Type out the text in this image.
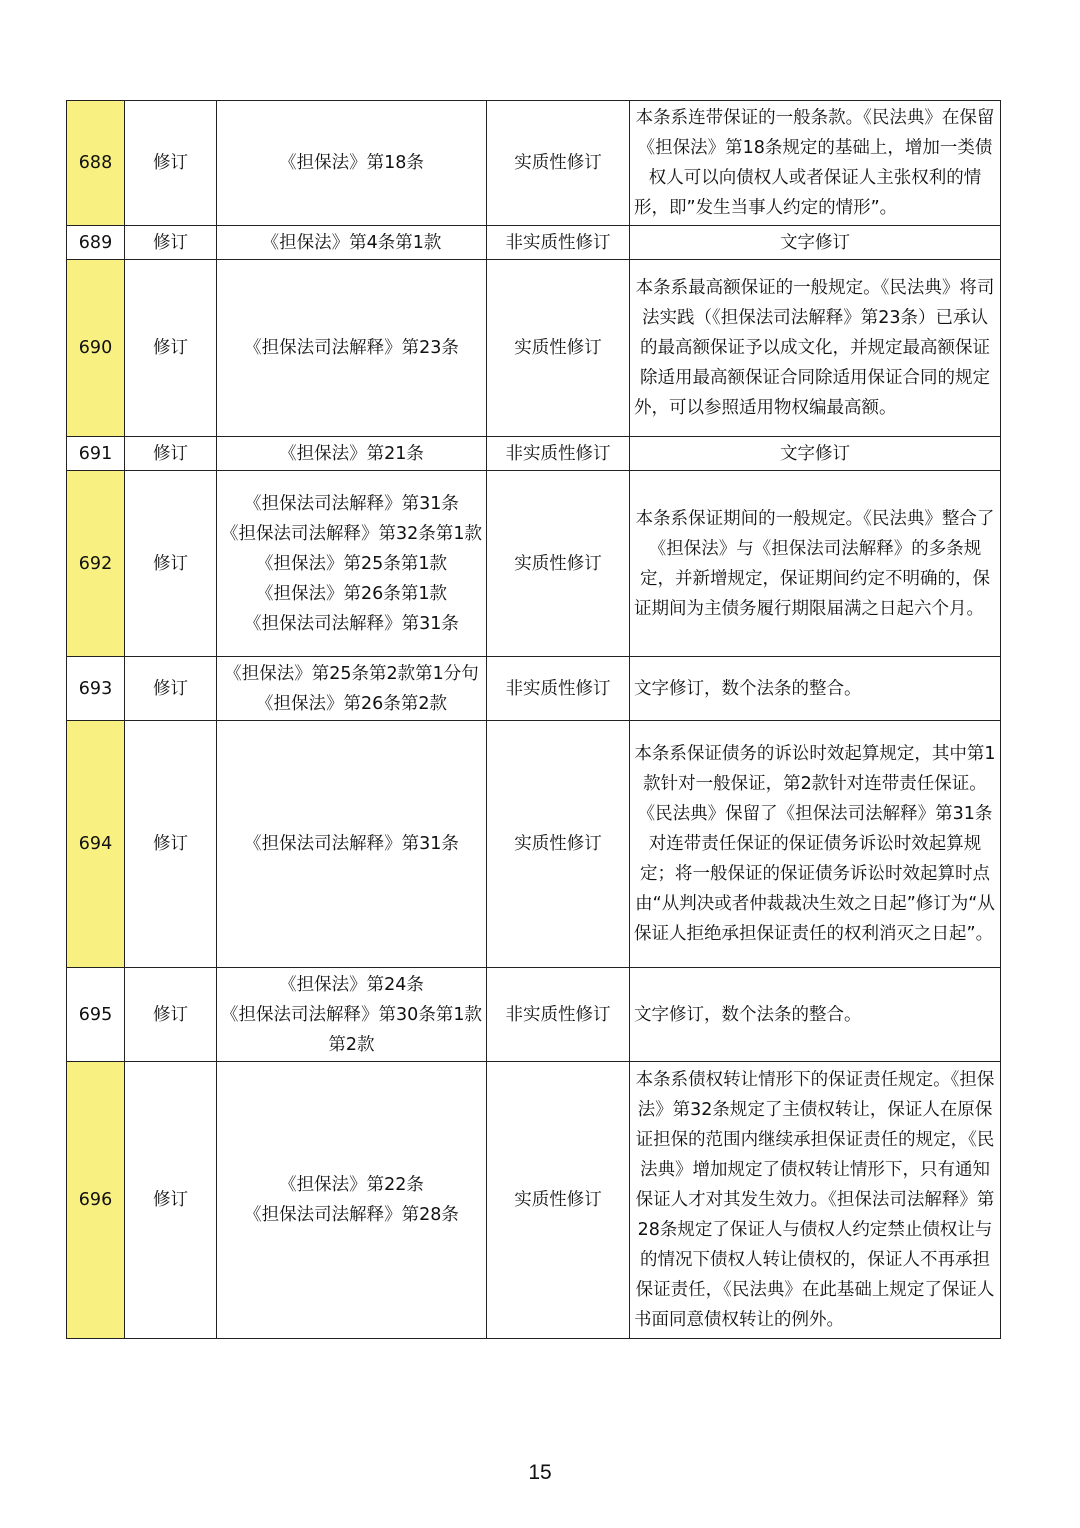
688	修订	《担保法》第18条	实质性修订	本条系连带保证的一般条款。《民法典》在保留《担保法》第18条规定的基础上，增加一类债权人可以向债权人或者保证人主张权利的情形，即”发生当事人约定的情形”。
689	修订	《担保法》第4条第1款	非实质性修订	文字修订
690	修订	《担保法司法解释》第23条	实质性修订	本条系最高额保证的一般规定。《民法典》将司法实践（《担保法司法解释》第23条）已承认的最高额保证予以成文化，并规定最高额保证除适用最高额保证合同除适用保证合同的规定外，可以参照适用物权编最高额。
691	修订	《担保法》第21条	非实质性修订	文字修订
692	修订	《担保法司法解释》第31条
《担保法司法解释》第32条第1款
《担保法》第25条第1款
《担保法》第26条第1款
《担保法司法解释》第31条	实质性修订	本条系保证期间的一般规定。《民法典》整合了《担保法》与《担保法司法解释》的多条规定，并新增规定，保证期间约定不明确的，保证期间为主债务履行期限届满之日起六个月。
693	修订	《担保法》第25条第2款第1分句
《担保法》第26条第2款	非实质性修订	文字修订，数个法条的整合。
694	修订	《担保法司法解释》第31条	实质性修订	本条系保证债务的诉讼时效起算规定，其中第1款针对一般保证，第2款针对连带责任保证。《民法典》保留了《担保法司法解释》第31条对连带责任保证的保证债务诉讼时效起算规定；将一般保证的保证债务诉讼时效起算时点由“从判决或者仲裁裁决生效之日起”修订为“从保证人拒绝承担保证责任的权利消灭之日起”。
695	修订	《担保法》第24条
《担保法司法解释》第30条第1款第2款	非实质性修订	文字修订，数个法条的整合。
696	修订	《担保法》第22条
《担保法司法解释》第28条	实质性修订	本条系债权转让情形下的保证责任规定。《担保法》第32条规定了主债权转让，保证人在原保证担保的范围内继续承担保证责任的规定，《民法典》增加规定了债权转让情形下，只有通知保证人才对其发生效力。《担保法司法解释》第28条规定了保证人与债权人约定禁止债权让与的情况下债权人转让债权的，保证人不再承担保证责任，《民法典》在此基础上规定了保证人书面同意债权转让的例外。
15
